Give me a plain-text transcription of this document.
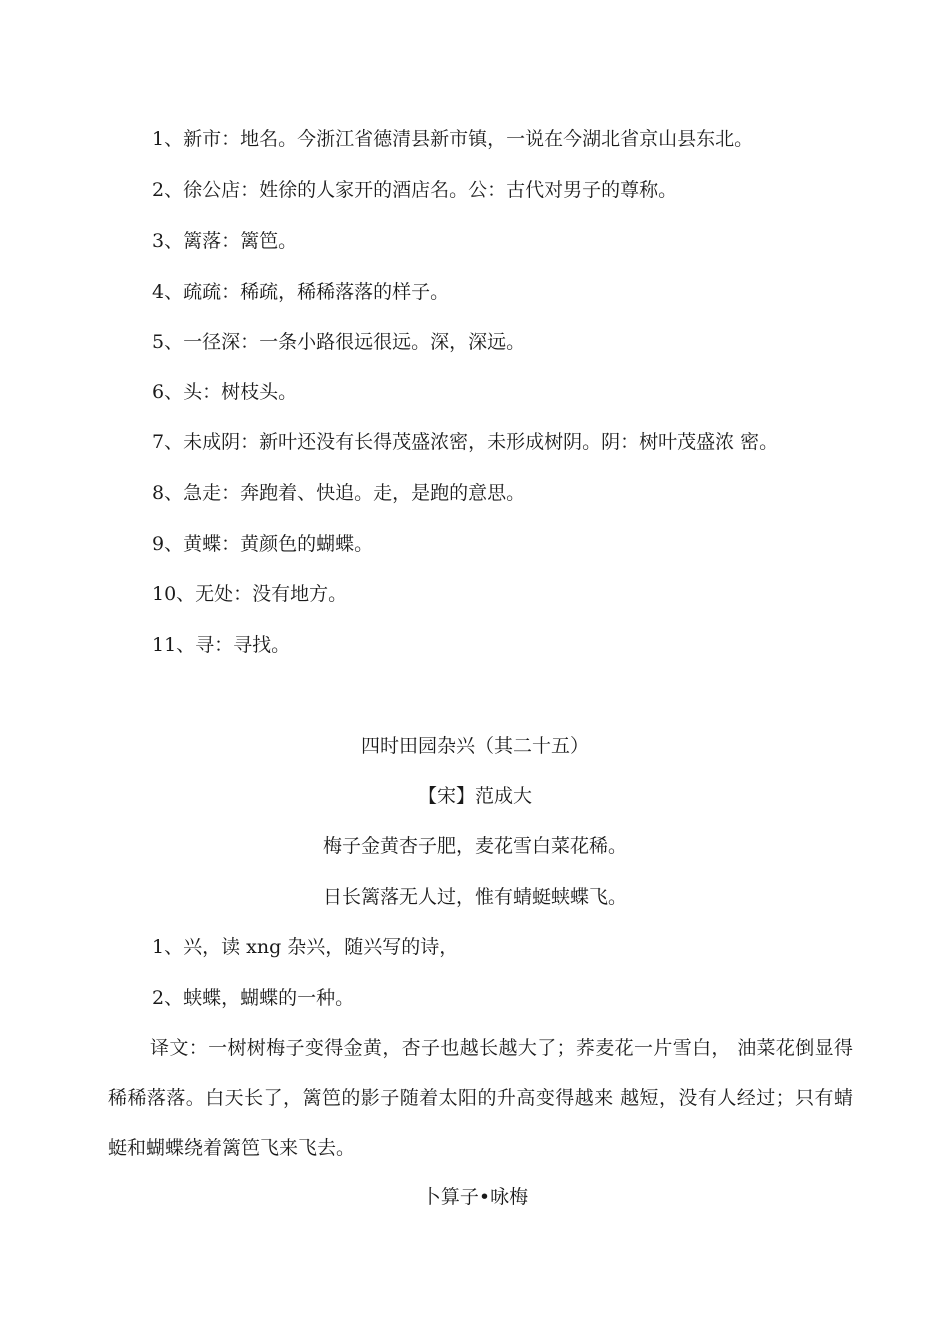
1、新市：地名。今浙江省德清县新市镇，一说在今湖北省京山县东北。
2、徐公店：姓徐的人家开的酒店名。公：古代对男子的尊称。
3、篱落：篱笆。
4、疏疏：稀疏，稀稀落落的样子。
5、一径深：一条小路很远很远。深，深远。
6、头：树枝头。
7、未成阴：新叶还没有长得茂盛浓密，未形成树阴。阴：树叶茂盛浓 密。
8、急走：奔跑着、快追。走，是跑的意思。
9、黄蝶：黄颜色的蝴蝶。
10、无处：没有地方。
11、寻：寻找。
四时田园杂兴（其二十五）
【宋】范成大
梅子金黄杏子肥，麦花雪白菜花稀。
日长篱落无人过，惟有蜻蜓蛱蝶飞。
1、兴，读 xng 杂兴，随兴写的诗，
2、蛱蝶，蝴蝶的一种。
译文：一树树梅子变得金黄，杏子也越长越大了；荞麦花一片雪白， 油菜花倒显得稀稀落落。白天长了，篱笆的影子随着太阳的升高变得越来 越短，没有人经过；只有蜻蜓和蝴蝶绕着篱笆飞来飞去。
卜算子•咏梅
